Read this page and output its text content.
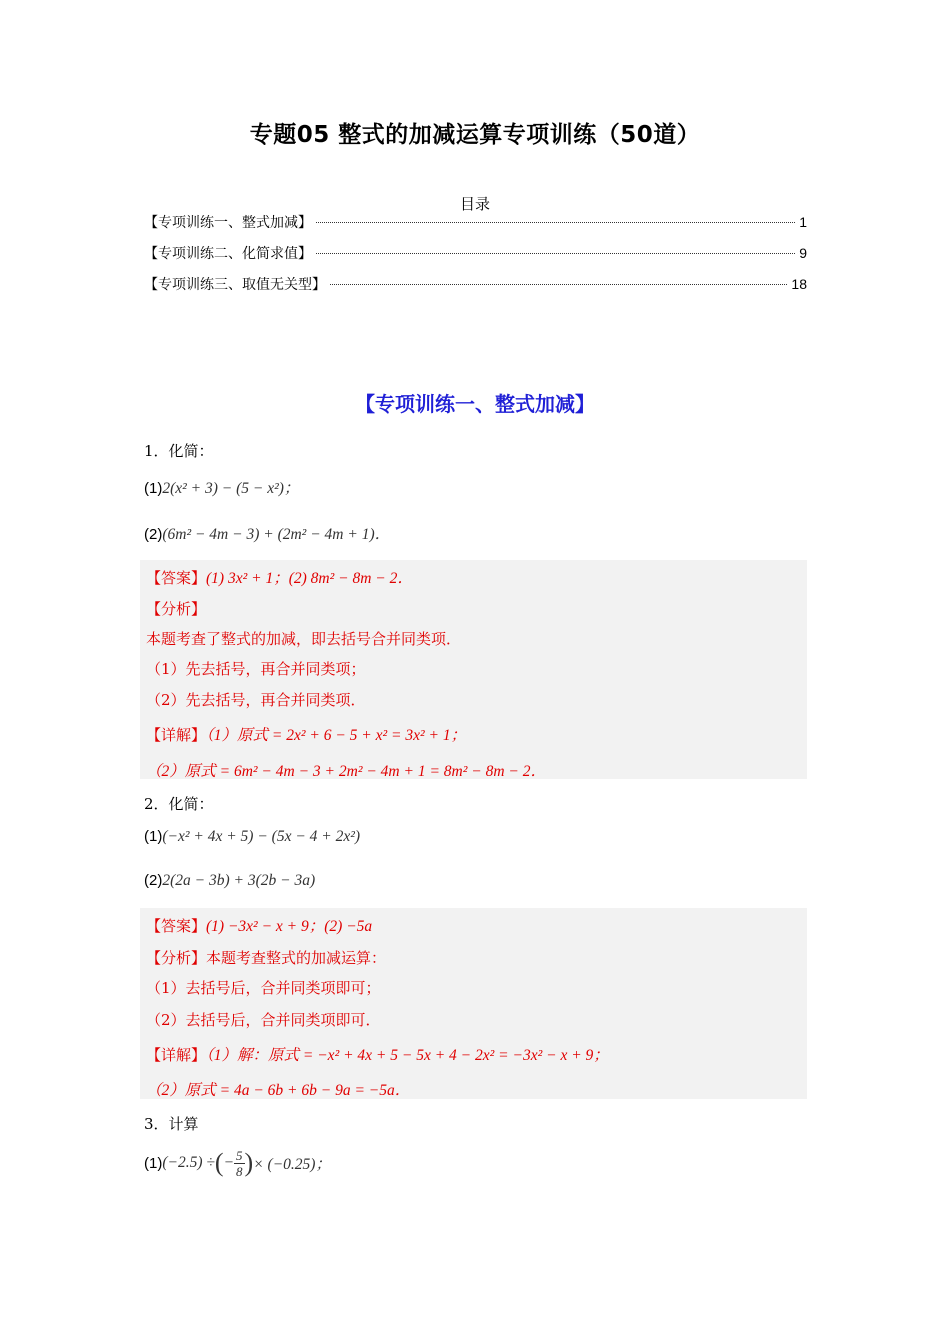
专题05 整式的加减运算专项训练（50道）
目录
【专项训练一、整式加减】	1
【专项训练二、化简求值】	9
【专项训练三、取值无关型】	18
【专项训练一、整式加减】
1．化简：
(1)2(x² + 3) − (5 − x²)；
(2)(6m² − 4m − 3) + (2m² − 4m + 1)．
【答案】(1) 3x² + 1；(2) 8m² − 8m − 2．
【分析】
本题考查了整式的加减，即去括号合并同类项．
（1）先去括号，再合并同类项；
（2）先去括号，再合并同类项．
【详解】（1）原式 = 2x² + 6 − 5 + x² = 3x² + 1；
（2）原式 = 6m² − 4m − 3 + 2m² − 4m + 1 = 8m² − 8m − 2．
2．化简：
(1)(−x² + 4x + 5) − (5x − 4 + 2x²)
(2)2(2a − 3b) + 3(2b − 3a)
【答案】(1) −3x² − x + 9；(2) −5a
【分析】本题考查整式的加减运算：
（1）去括号后，合并同类项即可；
（2）去括号后，合并同类项即可．
【详解】（1）解：原式 = −x² + 4x + 5 − 5x + 4 − 2x² = −3x² − x + 9；
（2）原式 = 4a − 6b + 6b − 9a = −5a．
3．计算
(1) (−2.5) ÷ ( − $\frac{5}{8}$ ) × (−0.25)；
